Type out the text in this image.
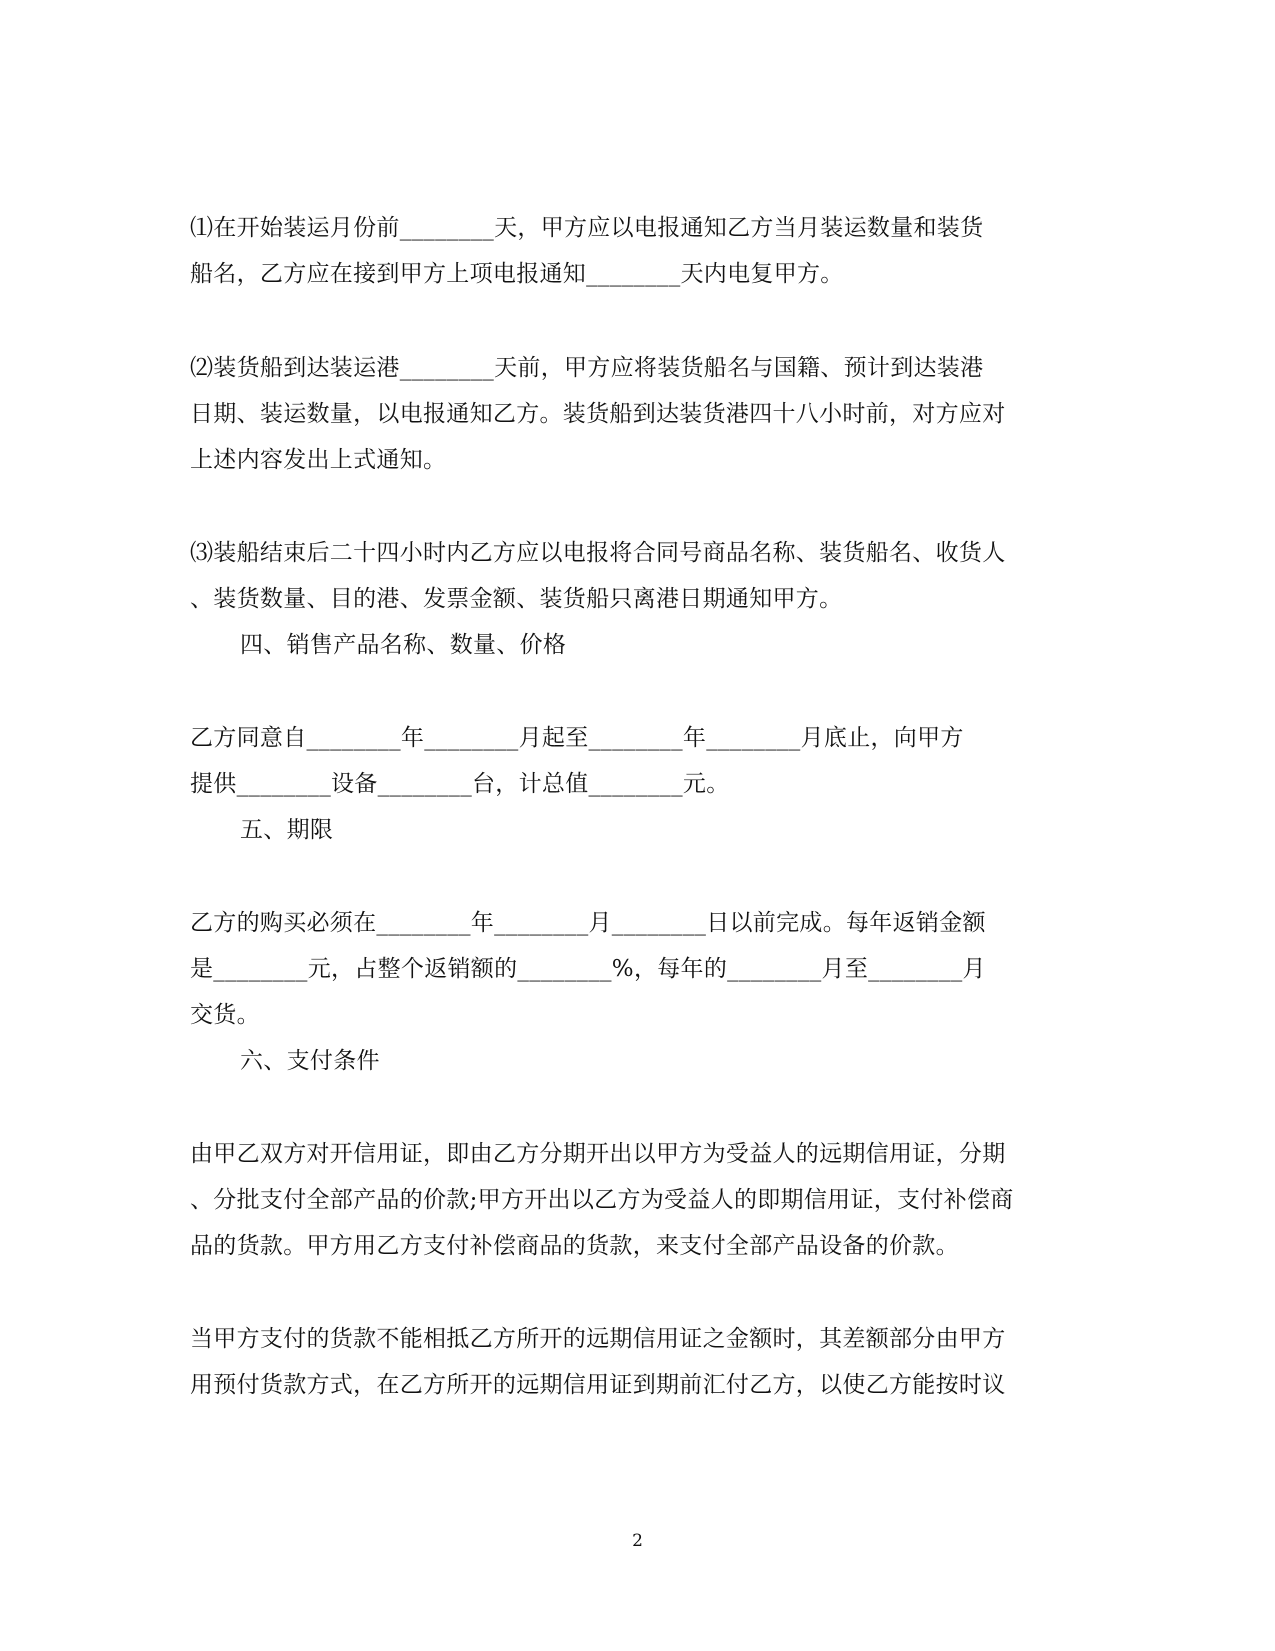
⑴在开始装运月份前________天，甲方应以电报通知乙方当月装运数量和装货
船名，乙方应在接到甲方上项电报通知________天内电复甲方。
⑵装货船到达装运港________天前，甲方应将装货船名与国籍、预计到达装港
日期、装运数量，以电报通知乙方。装货船到达装货港四十八小时前，对方应对
上述内容发出上式通知。
⑶装船结束后二十四小时内乙方应以电报将合同号商品名称、装货船名、收货人
、装货数量、目的港、发票金额、装货船只离港日期通知甲方。
四、销售产品名称、数量、价格
乙方同意自________年________月起至________年________月底止，向甲方
提供________设备________台，计总值________元。
五、期限
乙方的购买必须在________年________月________日以前完成。每年返销金额
是________元，占整个返销额的________%，每年的________月至________月
交货。
六、支付条件
由甲乙双方对开信用证，即由乙方分期开出以甲方为受益人的远期信用证，分期
、分批支付全部产品的价款;甲方开出以乙方为受益人的即期信用证，支付补偿商
品的货款。甲方用乙方支付补偿商品的货款，来支付全部产品设备的价款。
当甲方支付的货款不能相抵乙方所开的远期信用证之金额时，其差额部分由甲方
用预付货款方式，在乙方所开的远期信用证到期前汇付乙方，以使乙方能按时议
2
